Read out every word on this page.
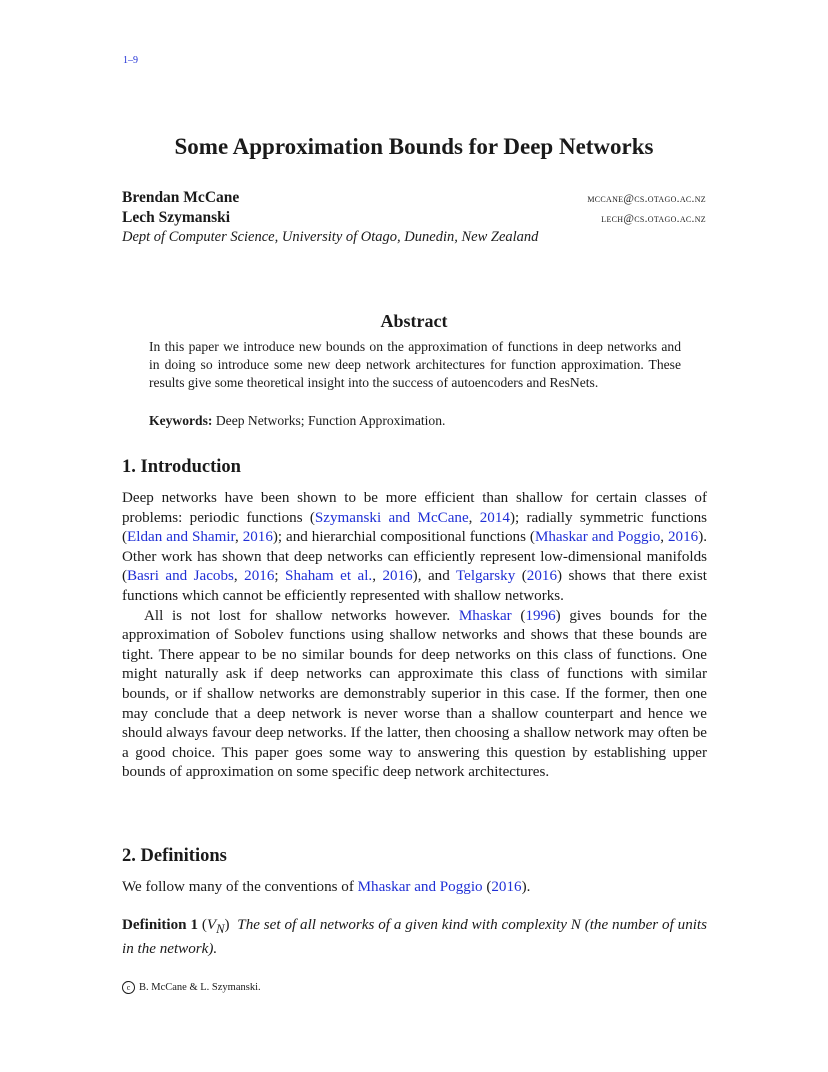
1–9
Some Approximation Bounds for Deep Networks
Brendan McCane	mccane@cs.otago.ac.nz
Lech Szymanski	lech@cs.otago.ac.nz
Dept of Computer Science, University of Otago, Dunedin, New Zealand
Abstract
In this paper we introduce new bounds on the approximation of functions in deep networks and in doing so introduce some new deep network architectures for function approximation. These results give some theoretical insight into the success of autoencoders and ResNets.
Keywords: Deep Networks; Function Approximation.
1. Introduction

Deep networks have been shown to be more efficient than shallow for certain classes of problems: periodic functions (Szymanski and McCane, 2014); radially symmetric functions (Eldan and Shamir, 2016); and hierarchial compositional functions (Mhaskar and Poggio, 2016). Other work has shown that deep networks can efficiently represent low-dimensional manifolds (Basri and Jacobs, 2016; Shaham et al., 2016), and Telgarsky (2016) shows that there exist functions which cannot be efficiently represented with shallow networks.

All is not lost for shallow networks however. Mhaskar (1996) gives bounds for the approximation of Sobolev functions using shallow networks and shows that these bounds are tight. There appear to be no similar bounds for deep networks on this class of functions. One might naturally ask if deep networks can approximate this class of functions with similar bounds, or if shallow networks are demonstrably superior in this case. If the former, then one may conclude that a deep network is never worse than a shallow counterpart and hence we should always favour deep networks. If the latter, then choosing a shallow network may often be a good choice. This paper goes some way to answering this question by establishing upper bounds of approximation on some specific deep network architectures.

2. Definitions

We follow many of the conventions of Mhaskar and Poggio (2016).

Definition 1 $(V_N)$  The set of all networks of a given kind with complexity N (the number of units in the network).
c B. McCane & L. Szymanski.
